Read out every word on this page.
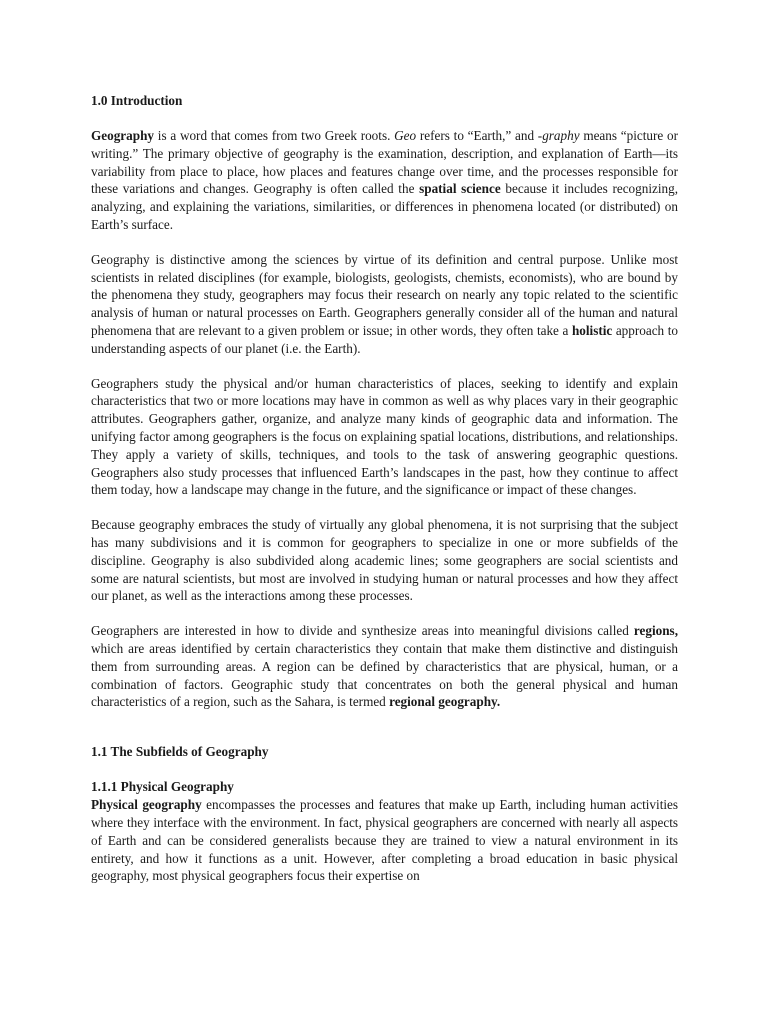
1.0 Introduction

Geography is a word that comes from two Greek roots. Geo refers to “Earth,” and -graphy means “picture or writing.” The primary objective of geography is the examination, description, and explanation of Earth—its variability from place to place, how places and features change over time, and the processes responsible for these variations and changes. Geography is often called the spatial science because it includes recognizing, analyzing, and explaining the variations, similarities, or differences in phenomena located (or distributed) on Earth’s surface.

Geography is distinctive among the sciences by virtue of its definition and central purpose. Unlike most scientists in related disciplines (for example, biologists, geologists, chemists, economists), who are bound by the phenomena they study, geographers may focus their research on nearly any topic related to the scientific analysis of human or natural processes on Earth. Geographers generally consider all of the human and natural phenomena that are relevant to a given problem or issue; in other words, they often take a holistic approach to understanding aspects of our planet (i.e. the Earth).

Geographers study the physical and/or human characteristics of places, seeking to identify and explain characteristics that two or more locations may have in common as well as why places vary in their geographic attributes. Geographers gather, organize, and analyze many kinds of geographic data and information. The unifying factor among geographers is the focus on explaining spatial locations, distributions, and relationships. They apply a variety of skills, techniques, and tools to the task of answering geographic questions. Geographers also study processes that influenced Earth’s landscapes in the past, how they continue to affect them today, how a landscape may change in the future, and the significance or impact of these changes.

Because geography embraces the study of virtually any global phenomena, it is not surprising that the subject has many subdivisions and it is common for geographers to specialize in one or more subfields of the discipline. Geography is also subdivided along academic lines; some geographers are social scientists and some are natural scientists, but most are involved in studying human or natural processes and how they affect our planet, as well as the interactions among these processes.

Geographers are interested in how to divide and synthesize areas into meaningful divisions called regions, which are areas identified by certain characteristics they contain that make them distinctive and distinguish them from surrounding areas. A region can be defined by characteristics that are physical, human, or a combination of factors. Geographic study that concentrates on both the general physical and human characteristics of a region, such as the Sahara, is termed regional geography.

1.1 The Subfields of Geography
1.1.1 Physical Geography

Physical geography encompasses the processes and features that make up Earth, including human activities where they interface with the environment. In fact, physical geographers are concerned with nearly all aspects of Earth and can be considered generalists because they are trained to view a natural environment in its entirety, and how it functions as a unit. However, after completing a broad education in basic physical geography, most physical geographers focus their expertise on
